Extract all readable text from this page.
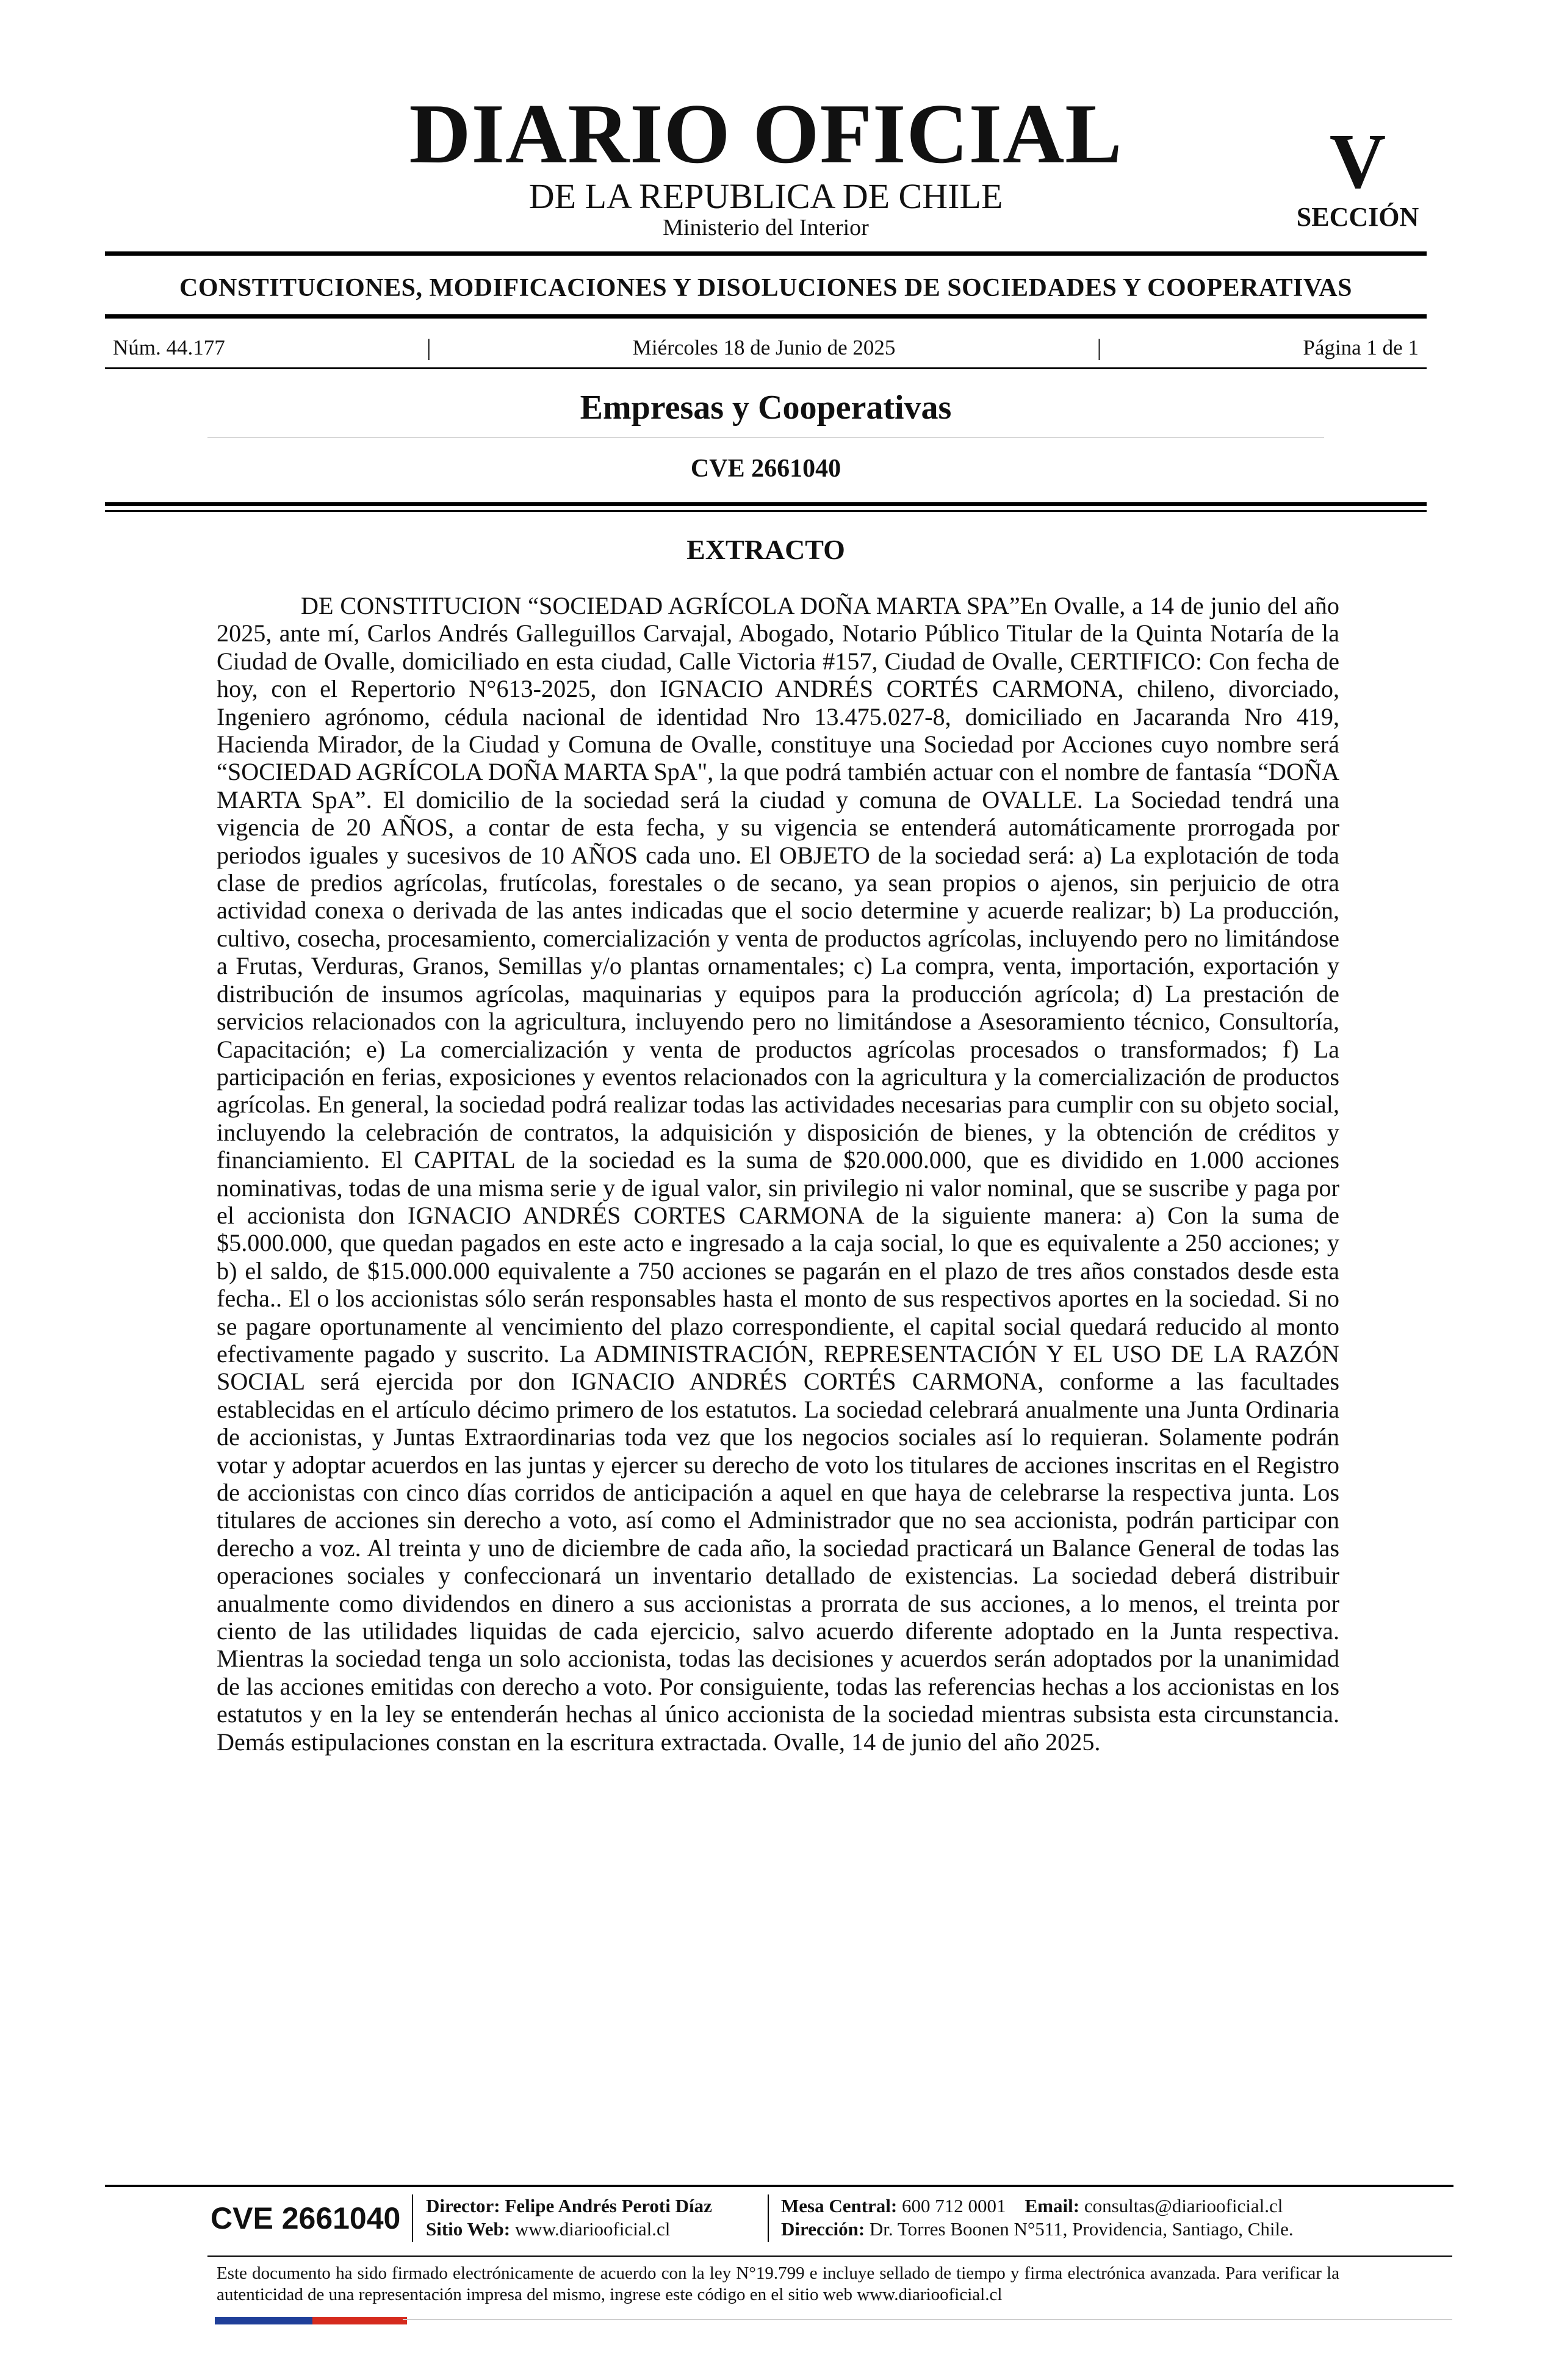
DIARIO OFICIAL
DE LA REPUBLICA DE CHILE
Ministerio del Interior
V
SECCIÓN
CONSTITUCIONES, MODIFICACIONES Y DISOLUCIONES DE SOCIEDADES Y COOPERATIVAS
Núm. 44.177	|	Miércoles 18 de Junio de 2025	|	Página 1 de 1
Empresas y Cooperativas
CVE 2661040
EXTRACTO

DE CONSTITUCION “SOCIEDAD AGRÍCOLA DOÑA MARTA SPA”En Ovalle, a 14 de junio del año 2025, ante mí, Carlos Andrés Galleguillos Carvajal, Abogado, Notario Público Titular de la Quinta Notaría de la Ciudad de Ovalle, domiciliado en esta ciudad, Calle Victoria #157, Ciudad de Ovalle, CERTIFICO: Con fecha de hoy, con el Repertorio N°613-2025, don IGNACIO ANDRÉS CORTÉS CARMONA, chileno, divorciado, Ingeniero agrónomo, cédula nacional de identidad Nro 13.475.027-8, domiciliado en Jacaranda Nro 419, Hacienda Mirador, de la Ciudad y Comuna de Ovalle, constituye una Sociedad por Acciones cuyo nombre será “SOCIEDAD AGRÍCOLA DOÑA MARTA SpA", la que podrá también actuar con el nombre de fantasía “DOÑA MARTA SpA”. El domicilio de la sociedad será la ciudad y comuna de OVALLE. La Sociedad tendrá una vigencia de 20 AÑOS, a contar de esta fecha, y su vigencia se entenderá automáticamente prorrogada por periodos iguales y sucesivos de 10 AÑOS cada uno. El OBJETO de la sociedad será: a) La explotación de toda clase de predios agrícolas, frutícolas, forestales o de secano, ya sean propios o ajenos, sin perjuicio de otra actividad conexa o derivada de las antes indicadas que el socio determine y acuerde realizar; b) La producción, cultivo, cosecha, procesamiento, comercialización y venta de productos agrícolas, incluyendo pero no limitándose a Frutas, Verduras, Granos, Semillas y/o plantas ornamentales; c) La compra, venta, importación, exportación y distribución de insumos agrícolas, maquinarias y equipos para la producción agrícola; d) La prestación de servicios relacionados con la agricultura, incluyendo pero no limitándose a Asesoramiento técnico, Consultoría, Capacitación; e) La comercialización y venta de productos agrícolas procesados o transformados; f) La participación en ferias, exposiciones y eventos relacionados con la agricultura y la comercialización de productos agrícolas. En general, la sociedad podrá realizar todas las actividades necesarias para cumplir con su objeto social, incluyendo la celebración de contratos, la adquisición y disposición de bienes, y la obtención de créditos y financiamiento. El CAPITAL de la sociedad es la suma de $20.000.000, que es dividido en 1.000 acciones nominativas, todas de una misma serie y de igual valor, sin privilegio ni valor nominal, que se suscribe y paga por el accionista don IGNACIO ANDRÉS CORTES CARMONA de la siguiente manera: a) Con la suma de $5.000.000, que quedan pagados en este acto e ingresado a la caja social, lo que es equivalente a 250 acciones; y b) el saldo, de $15.000.000 equivalente a 750 acciones se pagarán en el plazo de tres años constados desde esta fecha.. El o los accionistas sólo serán responsables hasta el monto de sus respectivos aportes en la sociedad. Si no se pagare oportunamente al vencimiento del plazo correspondiente, el capital social quedará reducido al monto efectivamente pagado y suscrito. La ADMINISTRACIÓN, REPRESENTACIÓN Y EL USO DE LA RAZÓN SOCIAL será ejercida por don IGNACIO ANDRÉS CORTÉS CARMONA, conforme a las facultades establecidas en el artículo décimo primero de los estatutos. La sociedad celebrará anualmente una Junta Ordinaria de accionistas, y Juntas Extraordinarias toda vez que los negocios sociales así lo requieran. Solamente podrán votar y adoptar acuerdos en las juntas y ejercer su derecho de voto los titulares de acciones inscritas en el Registro de accionistas con cinco días corridos de anticipación a aquel en que haya de celebrarse la respectiva junta. Los titulares de acciones sin derecho a voto, así como el Administrador que no sea accionista, podrán participar con derecho a voz. Al treinta y uno de diciembre de cada año, la sociedad practicará un Balance General de todas las operaciones sociales y confeccionará un inventario detallado de existencias. La sociedad deberá distribuir anualmente como dividendos en dinero a sus accionistas a prorrata de sus acciones, a lo menos, el treinta por ciento de las utilidades liquidas de cada ejercicio, salvo acuerdo diferente adoptado en la Junta respectiva. Mientras la sociedad tenga un solo accionista, todas las decisiones y acuerdos serán adoptados por la unanimidad de las acciones emitidas con derecho a voto. Por consiguiente, todas las referencias hechas a los accionistas en los estatutos y en la ley se entenderán hechas al único accionista de la sociedad mientras subsista esta circunstancia. Demás estipulaciones constan en la escritura extractada. Ovalle, 14 de junio del año 2025.

CVE 2661040 Director: Felipe Andrés Peroti Díaz
Sitio Web: www.diariooficial.cl
Mesa Central: 600 712 0001 Email: consultas@diariooficial.cl
Dirección: Dr. Torres Boonen N°511, Providencia, Santiago, Chile.
Este documento ha sido firmado electrónicamente de acuerdo con la ley N°19.799 e incluye sellado de tiempo y firma electrónica avanzada. Para verificar la autenticidad de una representación impresa del mismo, ingrese este código en el sitio web www.diariooficial.cl
